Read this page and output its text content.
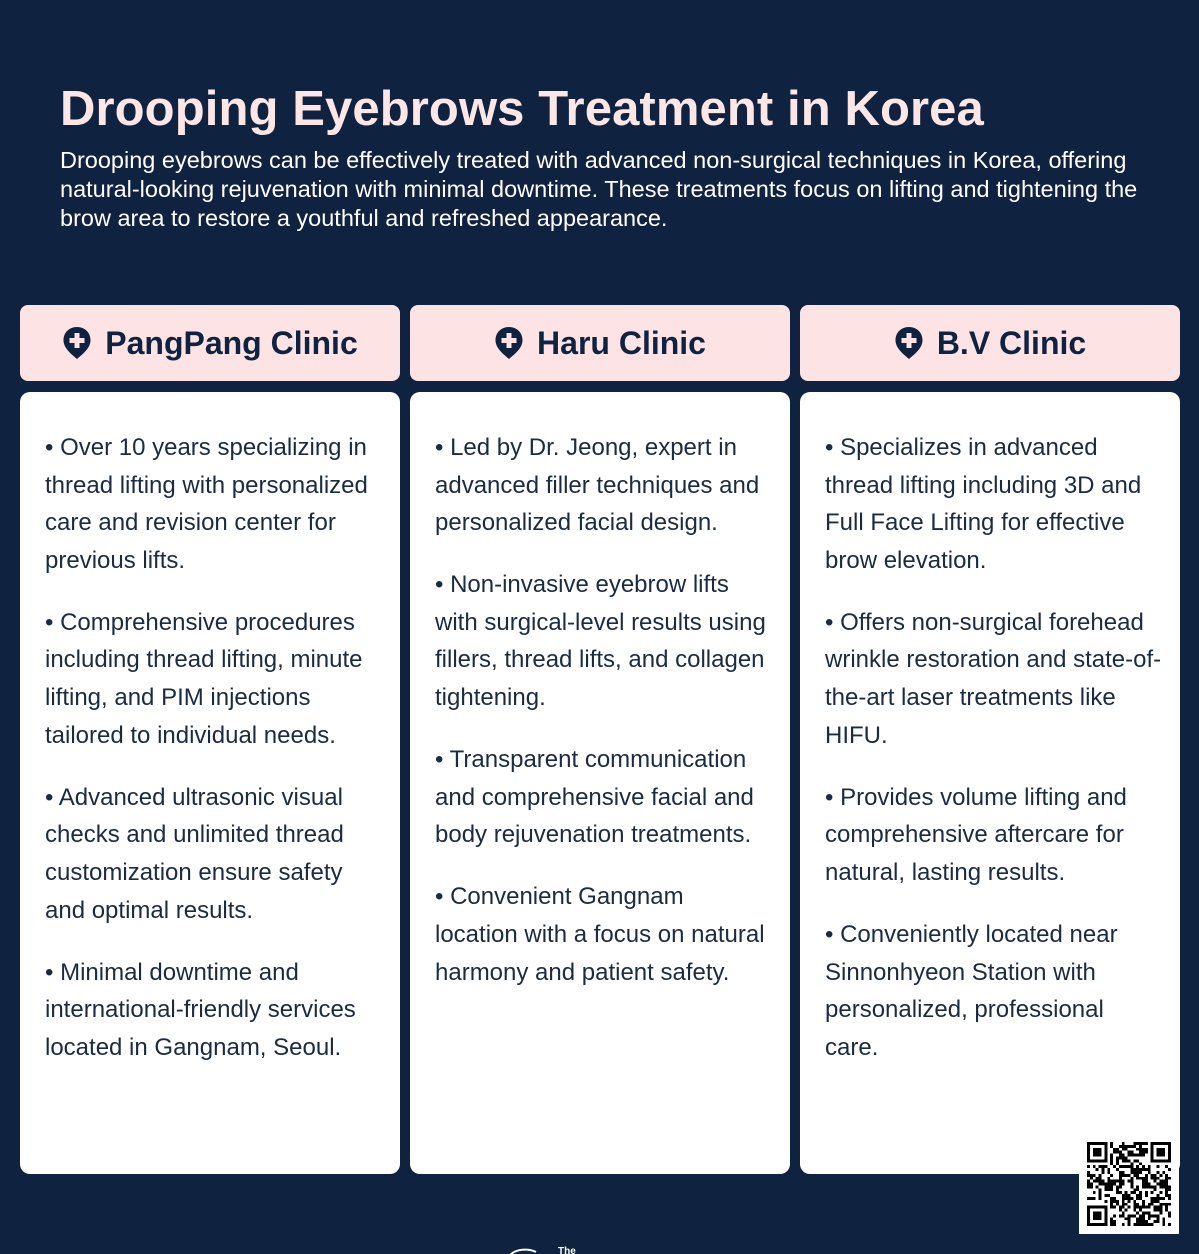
Drooping Eyebrows Treatment in Korea

Drooping eyebrows can be effectively treated with advanced non-surgical techniques in Korea, offering natural-looking rejuvenation with minimal downtime. These treatments focus on lifting and tightening the brow area to restore a youthful and refreshed appearance.

PangPang Clinic
• Over 10 years specializing in thread lifting with personalized care and revision center for previous lifts.
• Comprehensive procedures including thread lifting, minute lifting, and PIM injections tailored to individual needs.
• Advanced ultrasonic visual checks and unlimited thread customization ensure safety and optimal results.
• Minimal downtime and international-friendly services located in Gangnam, Seoul.
Haru Clinic
• Led by Dr. Jeong, expert in advanced filler techniques and personalized facial design.
• Non-invasive eyebrow lifts with surgical-level results using fillers, thread lifts, and collagen tightening.
• Transparent communication and comprehensive facial and body rejuvenation treatments.
• Convenient Gangnam location with a focus on natural harmony and patient safety.
B.V Clinic
• Specializes in advanced thread lifting including 3D and Full Face Lifting for effective brow elevation.
• Offers non-surgical forehead wrinkle restoration and state-of-the-art laser treatments like HIFU.
• Provides volume lifting and comprehensive aftercare for natural, lasting results.
• Conveniently located near Sinnonhyeon Station with personalized, professional care.
The
